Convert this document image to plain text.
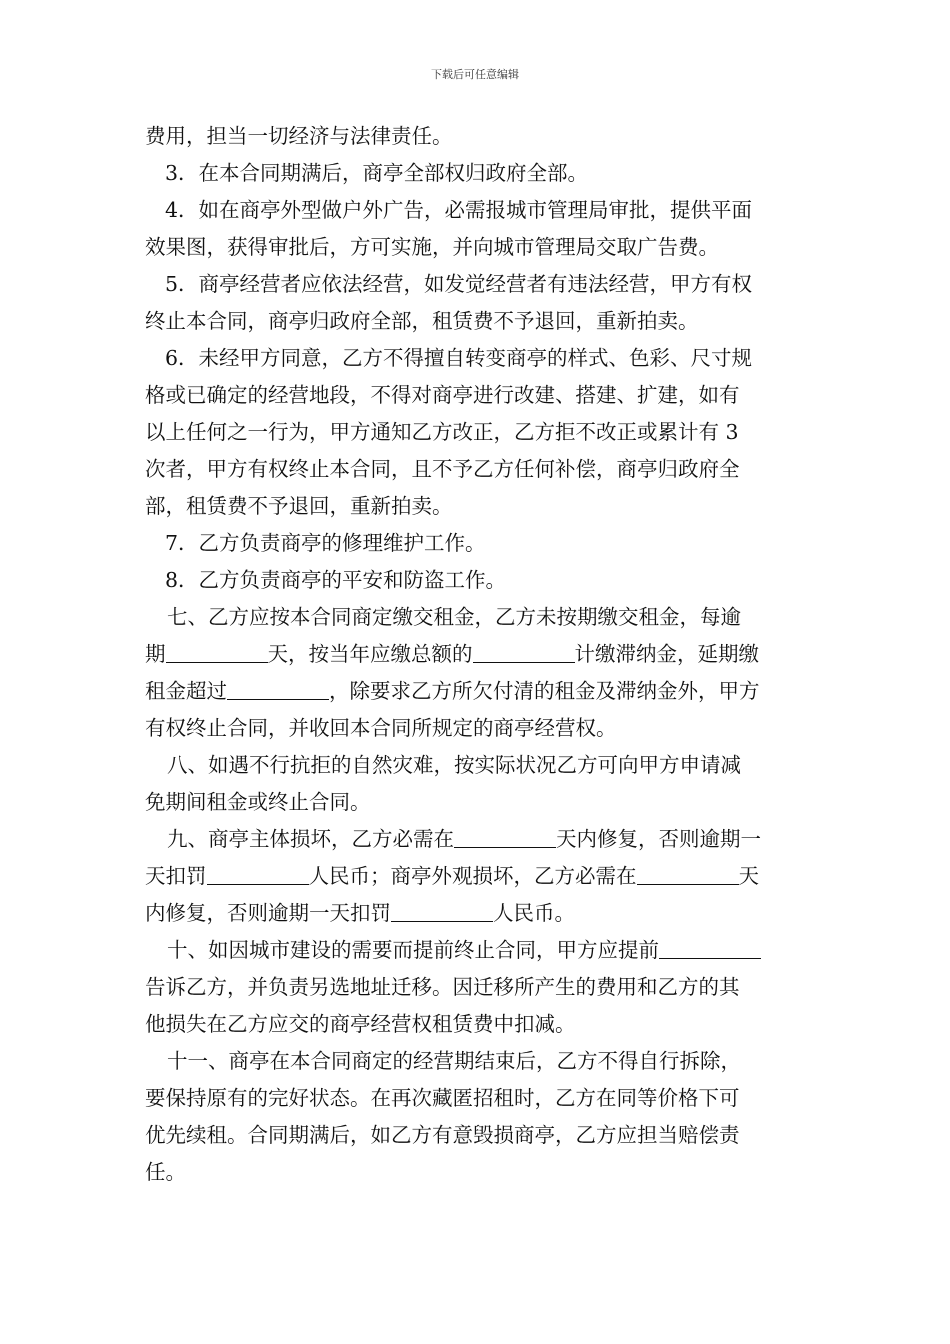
下载后可任意编辑
费用，担当一切经济与法律责任。
3．在本合同期满后，商亭全部权归政府全部。
4．如在商亭外型做户外广告，必需报城市管理局审批，提供平面
效果图，获得审批后，方可实施，并向城市管理局交取广告费。
5．商亭经营者应依法经营，如发觉经营者有违法经营，甲方有权
终止本合同，商亭归政府全部，租赁费不予退回，重新拍卖。
6．未经甲方同意，乙方不得擅自转变商亭的样式、色彩、尺寸规
格或已确定的经营地段，不得对商亭进行改建、搭建、扩建，如有
以上任何之一行为，甲方通知乙方改正，乙方拒不改正或累计有 3
次者，甲方有权终止本合同，且不予乙方任何补偿，商亭归政府全
部，租赁费不予退回，重新拍卖。
7．乙方负责商亭的修理维护工作。
8．乙方负责商亭的平安和防盗工作。
七、乙方应按本合同商定缴交租金，乙方未按期缴交租金，每逾
期	天，按当年应缴总额的	计缴滞纳金，延期缴
租金超过	，除要求乙方所欠付清的租金及滞纳金外，甲方
有权终止合同，并收回本合同所规定的商亭经营权。
八、如遇不行抗拒的自然灾难，按实际状况乙方可向甲方申请减
免期间租金或终止合同。
九、商亭主体损坏，乙方必需在	天内修复，否则逾期一
天扣罚	人民币；商亭外观损坏，乙方必需在	天
内修复，否则逾期一天扣罚	人民币。
十、如因城市建设的需要而提前终止合同，甲方应提前
告诉乙方，并负责另选地址迁移。因迁移所产生的费用和乙方的其
他损失在乙方应交的商亭经营权租赁费中扣减。
十一、商亭在本合同商定的经营期结束后，乙方不得自行拆除，
要保持原有的完好状态。在再次藏匿招租时，乙方在同等价格下可
优先续租。合同期满后，如乙方有意毁损商亭，乙方应担当赔偿责
任。
